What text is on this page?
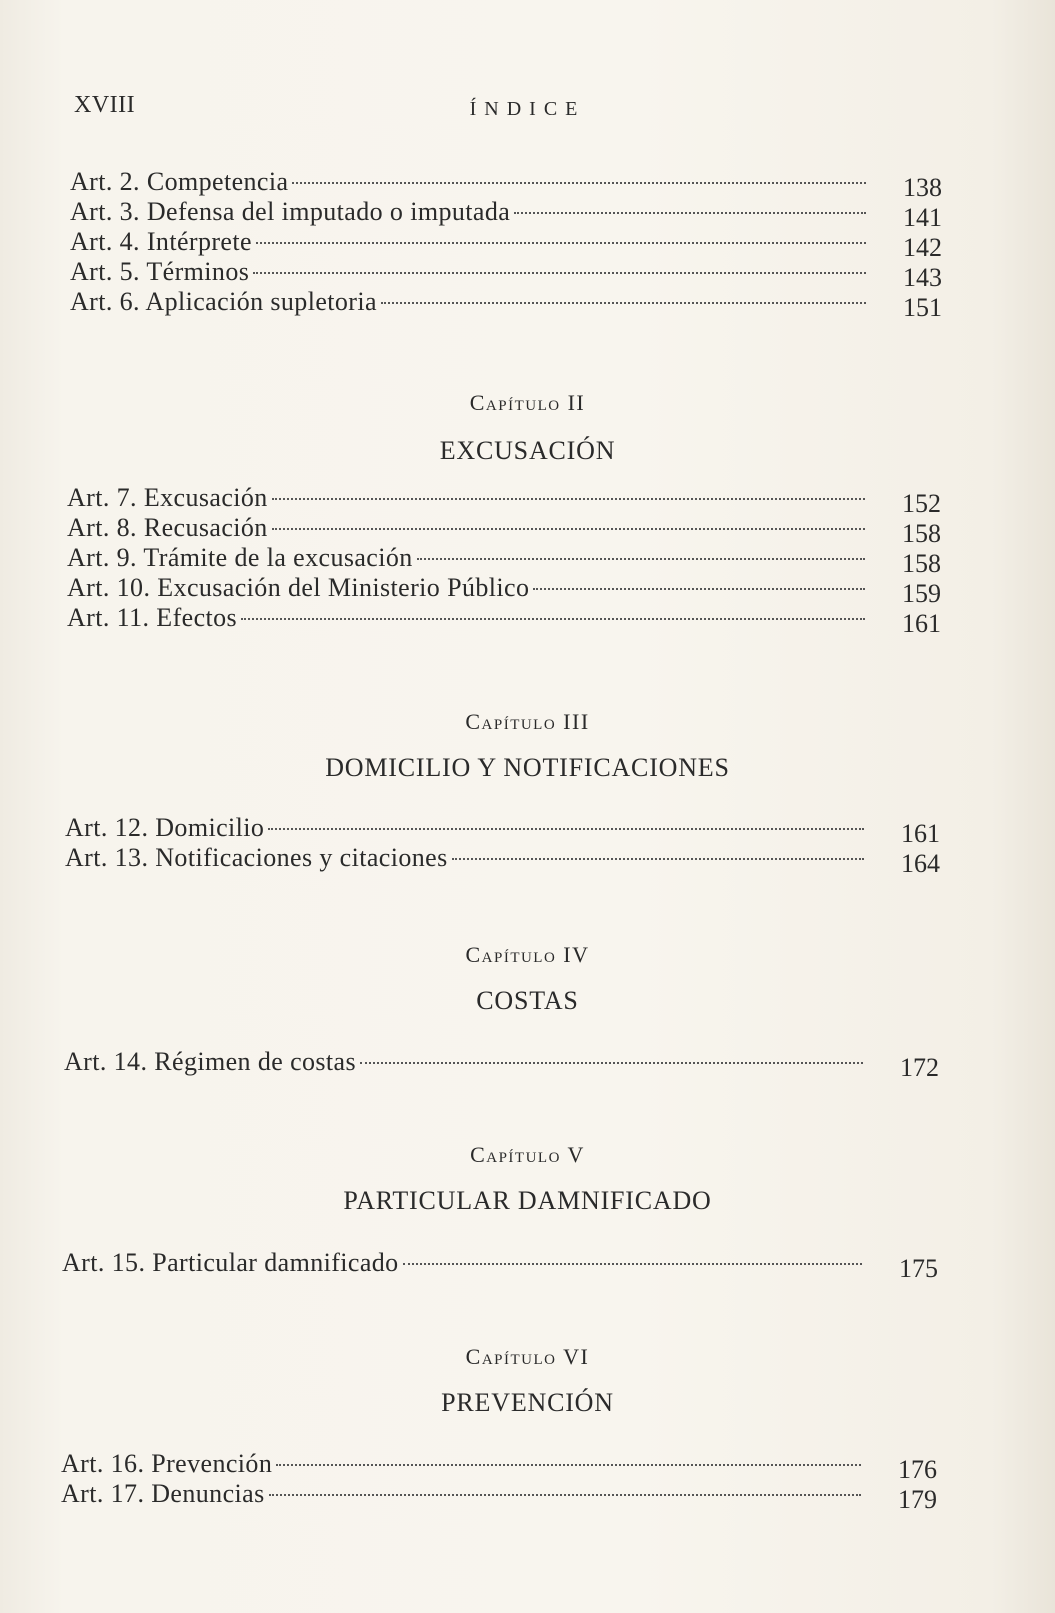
XVIII	ÍNDICE
Art. 2. Competencia	138
Art. 3. Defensa del imputado o imputada	141
Art. 4. Intérprete	142
Art. 5. Términos	143
Art. 6. Aplicación supletoria	151
Capítulo II
EXCUSACIÓN
Art. 7. Excusación	152
Art. 8. Recusación	158
Art. 9. Trámite de la excusación	158
Art. 10. Excusación del Ministerio Público	159
Art. 11. Efectos	161
Capítulo III
DOMICILIO Y NOTIFICACIONES
Art. 12. Domicilio	161
Art. 13. Notificaciones y citaciones	164
Capítulo IV
COSTAS
Art. 14. Régimen de costas	172
Capítulo V
PARTICULAR DAMNIFICADO
Art. 15. Particular damnificado	175
Capítulo VI
PREVENCIÓN
Art. 16. Prevención	176
Art. 17. Denuncias	179
